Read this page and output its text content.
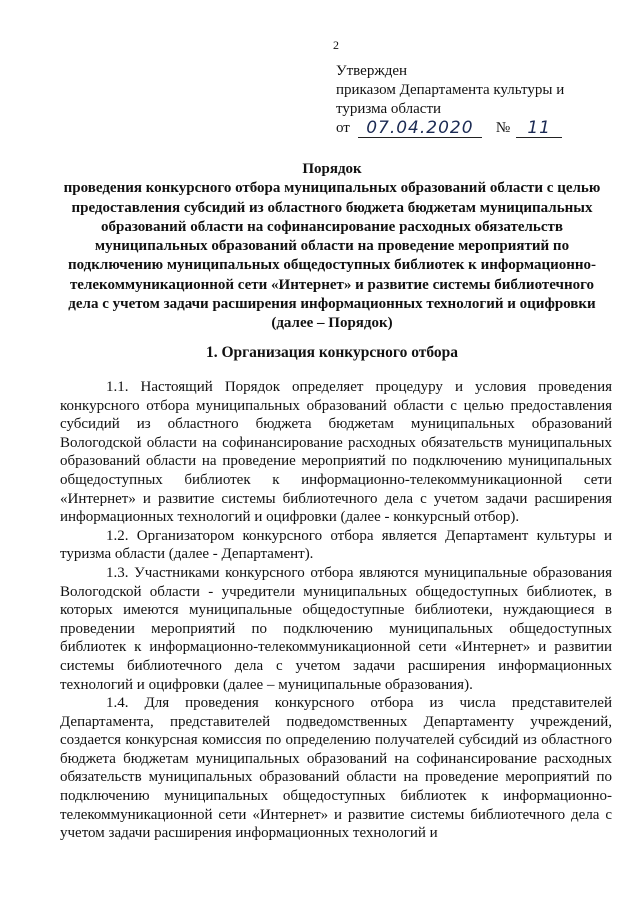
2
Утвержден
приказом Департамента культуры и
туризма области
от 07.04.2020	№	11
Порядок
проведения конкурсного отбора муниципальных образований области с целью
предоставления субсидий из областного бюджета бюджетам муниципальных
образований области на софинансирование расходных обязательств
муниципальных образований области на проведение мероприятий по
подключению муниципальных общедоступных библиотек к информационно-
телекоммуникационной сети «Интернет» и развитие системы библиотечного
дела с учетом задачи расширения информационных технологий и оцифровки
(далее – Порядок)
1. Организация конкурсного отбора

1.1. Настоящий Порядок определяет процедуру и условия проведения конкурсного отбора муниципальных образований области с целью предоставления субсидий из областного бюджета бюджетам муниципальных образований Вологодской области на софинансирование расходных обязательств муниципальных образований области на проведение мероприятий по подключению муниципальных общедоступных библиотек к информационно-телекоммуникационной сети «Интернет» и развитие системы библиотечного дела с учетом задачи расширения информационных технологий и оцифровки (далее - конкурсный отбор).

1.2. Организатором конкурсного отбора является Департамент культуры и туризма области (далее - Департамент).

1.3. Участниками конкурсного отбора являются муниципальные образования Вологодской области - учредители муниципальных общедоступных библиотек, в которых имеются муниципальные общедоступные библиотеки, нуждающиеся в проведении мероприятий по подключению муниципальных общедоступных библиотек к информационно-телекоммуникационной сети «Интернет» и развитии системы библиотечного дела с учетом задачи расширения информационных технологий и оцифровки (далее – муниципальные образования).

1.4. Для проведения конкурсного отбора из числа представителей Департамента, представителей подведомственных Департаменту учреждений, создается конкурсная комиссия по определению получателей субсидий из областного бюджета бюджетам муниципальных образований на софинансирование расходных обязательств муниципальных образований области на проведение мероприятий по подключению муниципальных общедоступных библиотек к информационно-телекоммуникационной сети «Интернет» и развитие системы библиотечного дела с учетом задачи расширения информационных технологий и
